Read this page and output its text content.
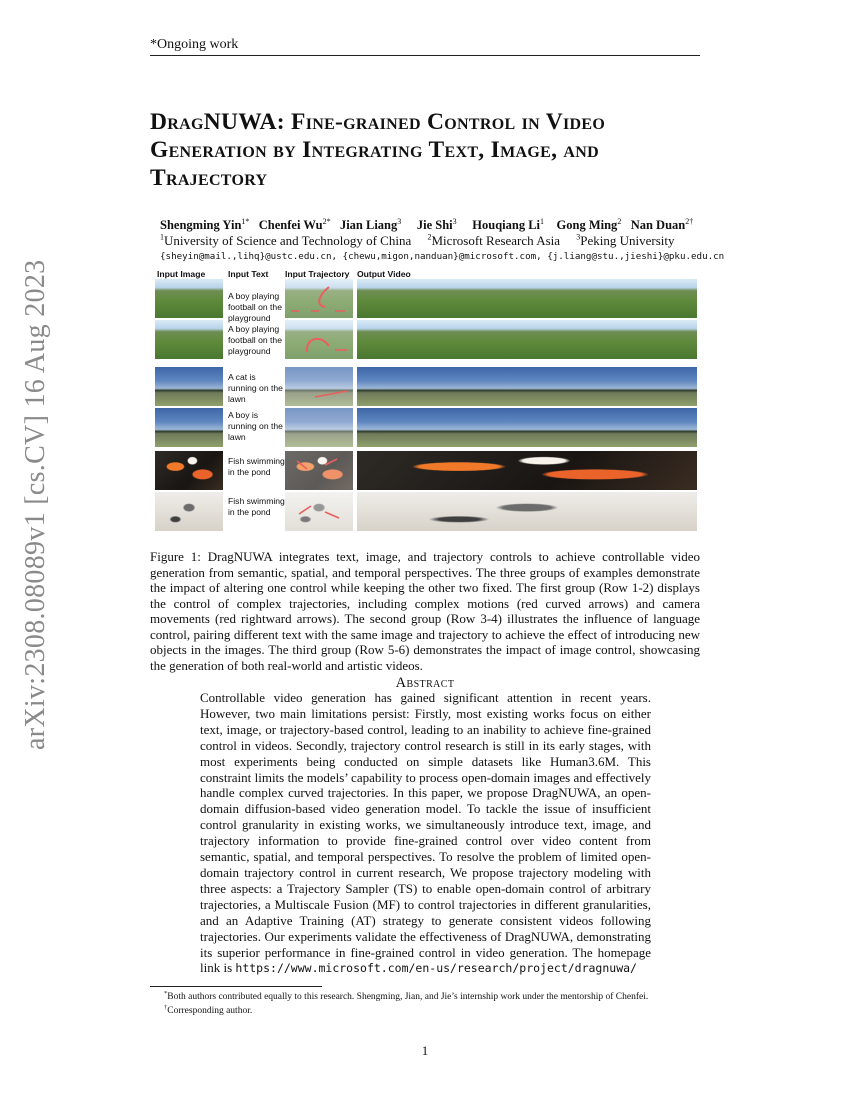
*Ongoing work
arXiv:2308.08089v1 [cs.CV] 16 Aug 2023
DragNUWA: Fine-grained Control in Video Generation by Integrating Text, Image, and Trajectory
Shengming Yin$^{1*}$ Chenfei $Wu^{2*}$ Jian Liang$^3$ Jie Shi$^3$ Houqiang Li$^1$ Gong Ming$^2$ Nan Duan$^{2\dagger}$
$^1$University of Science and Technology of China $^2$Microsoft Research Asia $^3$Peking University
{sheyin@mail.,lihq}@ustc.edu.cn, {chewu,migon,nanduan}@microsoft.com, {j.liang@stu.,jieshi}@pku.edu.cn
Input Image	Input Text Input Trajectory Output Video
A boy playing football on the playground
A boy playing football on the playground
A cat is running on the lawn
A boy is running on the lawn
Fish swimming in the pond
Fish swimming in the pond

Figure 1: DragNUWA integrates text, image, and trajectory controls to achieve controllable video generation from semantic, spatial, and temporal perspectives. The three groups of examples demonstrate the impact of altering one control while keeping the other two fixed. The first group (Row 1-2) displays the control of complex trajectories, including complex motions (red curved arrows) and camera movements (red rightward arrows). The second group (Row 3-4) illustrates the influence of language control, pairing different text with the same image and trajectory to achieve the effect of introducing new objects in the images. The third group (Row 5-6) demonstrates the impact of image control, showcasing the generation of both real-world and artistic videos.

Abstract

Controllable video generation has gained significant attention in recent years. However, two main limitations persist: Firstly, most existing works focus on either text, image, or trajectory-based control, leading to an inability to achieve fine-grained control in videos. Secondly, trajectory control research is still in its early stages, with most experiments being conducted on simple datasets like Human3.6M. This constraint limits the models’ capability to process open-domain images and effectively handle complex curved trajectories. In this paper, we propose DragNUWA, an open-domain diffusion-based video generation model. To tackle the issue of insufficient control granularity in existing works, we simultaneously introduce text, image, and trajectory information to provide fine-grained control over video content from semantic, spatial, and temporal perspectives. To resolve the problem of limited open-domain trajectory control in current research, We propose trajectory modeling with three aspects: a Trajectory Sampler (TS) to enable open-domain control of arbitrary trajectories, a Multiscale Fusion (MF) to control trajectories in different granularities, and an Adaptive Training (AT) strategy to generate consistent videos following trajectories. Our experiments validate the effectiveness of DragNUWA, demonstrating its superior performance in fine-grained control in video generation. The homepage link is https://www.microsoft.com/en-us/research/project/dragnuwa/

*Both authors contributed equally to this research. Shengming, Jian, and Jie’s internship work under the mentorship of Chenfei.
†Corresponding author.
1
